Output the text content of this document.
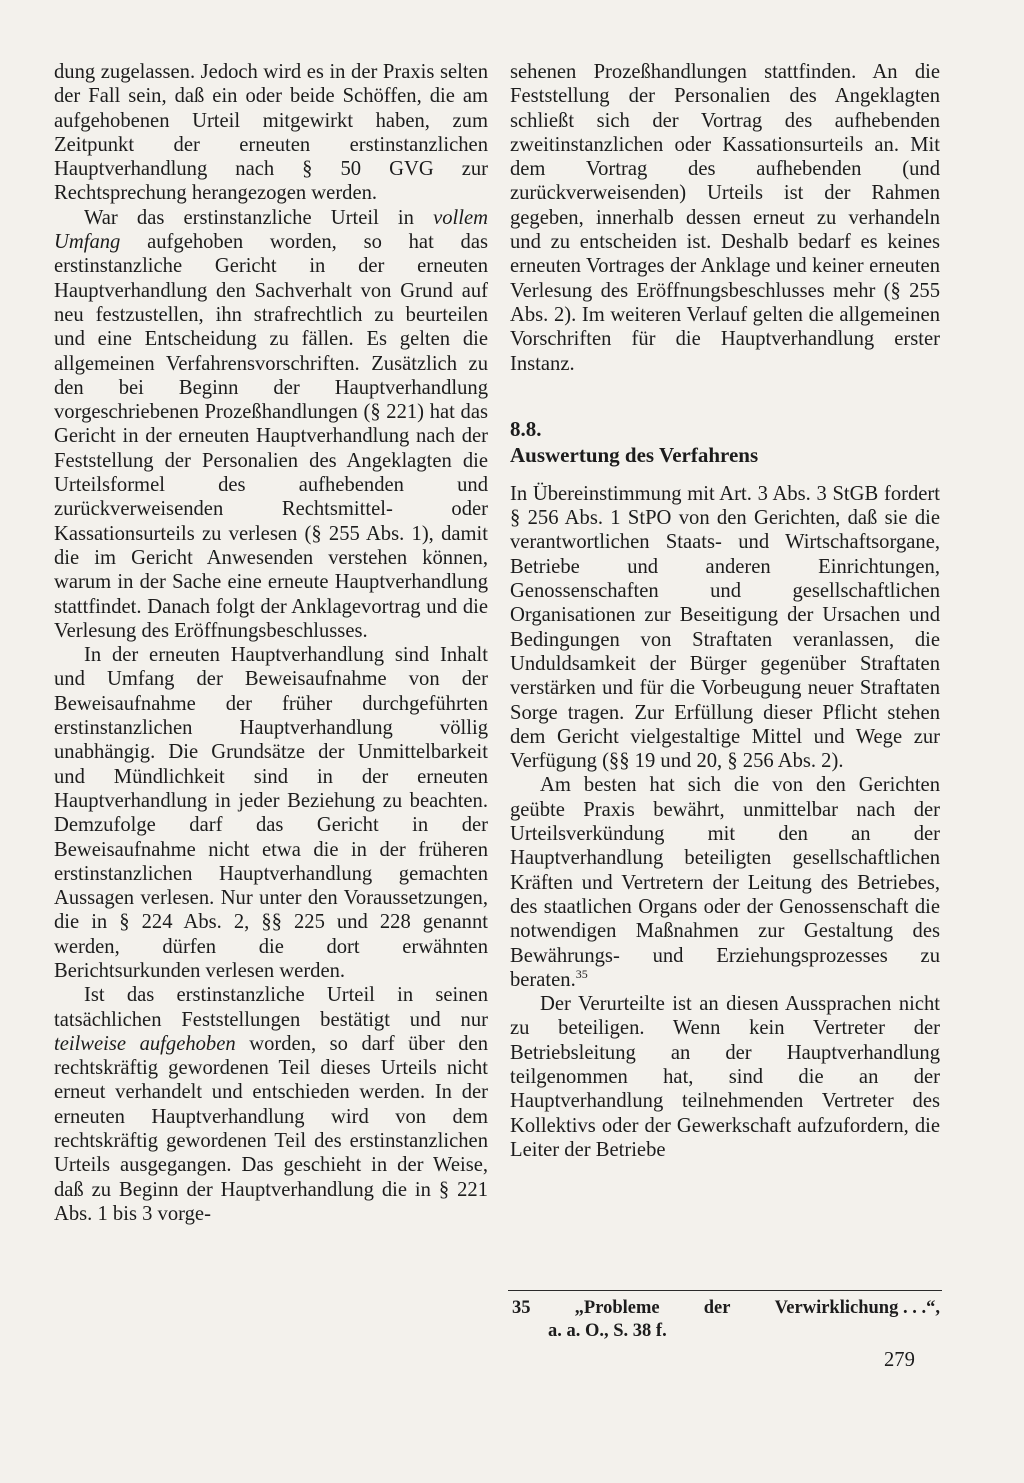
dung zugelassen. Jedoch wird es in der Praxis selten der Fall sein, daß ein oder beide Schöffen, die am aufgehobenen Urteil mitgewirkt haben, zum Zeitpunkt der erneuten erstinstanzlichen Hauptverhandlung nach § 50 GVG zur Rechtsprechung herangezogen werden.

War das erstinstanzliche Urteil in vollem Umfang aufgehoben worden, so hat das erstinstanzliche Gericht in der erneuten Hauptverhandlung den Sachverhalt von Grund auf neu festzustellen, ihn strafrechtlich zu beurteilen und eine Entscheidung zu fällen. Es gelten die allgemeinen Verfahrensvorschriften. Zusätzlich zu den bei Beginn der Hauptverhandlung vorgeschriebenen Prozeßhandlungen (§ 221) hat das Gericht in der erneuten Hauptverhandlung nach der Feststellung der Personalien des Angeklagten die Urteilsformel des aufhebenden und zurückverweisenden Rechtsmittel- oder Kassationsurteils zu verlesen (§ 255 Abs. 1), damit die im Gericht Anwesenden verstehen können, warum in der Sache eine erneute Hauptverhandlung stattfindet. Danach folgt der Anklagevortrag und die Verlesung des Eröffnungsbeschlusses.

In der erneuten Hauptverhandlung sind Inhalt und Umfang der Beweisaufnahme von der Beweisaufnahme der früher durchgeführten erstinstanzlichen Hauptverhandlung völlig unabhängig. Die Grundsätze der Unmittelbarkeit und Mündlichkeit sind in der erneuten Hauptverhandlung in jeder Beziehung zu beachten. Demzufolge darf das Gericht in der Beweisaufnahme nicht etwa die in der früheren erstinstanzlichen Hauptverhandlung gemachten Aussagen verlesen. Nur unter den Voraussetzungen, die in § 224 Abs. 2, §§ 225 und 228 genannt werden, dürfen die dort erwähnten Berichtsurkunden verlesen werden.

Ist das erstinstanzliche Urteil in seinen tatsächlichen Feststellungen bestätigt und nur teilweise aufgehoben worden, so darf über den rechtskräftig gewordenen Teil dieses Urteils nicht erneut verhandelt und entschieden werden. In der erneuten Hauptverhandlung wird von dem rechtskräftig gewordenen Teil des erstinstanzlichen Urteils ausgegangen. Das geschieht in der Weise, daß zu Beginn der Hauptverhandlung die in § 221 Abs. 1 bis 3 vorge-

sehenen Prozeßhandlungen stattfinden. An die Feststellung der Personalien des Angeklagten schließt sich der Vortrag des aufhebenden zweitinstanzlichen oder Kassationsurteils an. Mit dem Vortrag des aufhebenden (und zurückverweisenden) Urteils ist der Rahmen gegeben, innerhalb dessen erneut zu verhandeln und zu entscheiden ist. Deshalb bedarf es keines erneuten Vortrages der Anklage und keiner erneuten Verlesung des Eröffnungsbeschlusses mehr (§ 255 Abs. 2). Im weiteren Verlauf gelten die allgemeinen Vorschriften für die Hauptverhandlung erster Instanz.

8.8.
Auswertung des Verfahrens

In Übereinstimmung mit Art. 3 Abs. 3 StGB fordert § 256 Abs. 1 StPO von den Gerichten, daß sie die verantwortlichen Staats- und Wirtschaftsorgane, Betriebe und anderen Einrichtungen, Genossenschaften und gesellschaftlichen Organisationen zur Beseitigung der Ursachen und Bedingungen von Straftaten veranlassen, die Unduldsamkeit der Bürger gegenüber Straftaten verstärken und für die Vorbeugung neuer Straftaten Sorge tragen. Zur Erfüllung dieser Pflicht stehen dem Gericht vielgestaltige Mittel und Wege zur Verfügung (§§ 19 und 20, § 256 Abs. 2).

Am besten hat sich die von den Gerichten geübte Praxis bewährt, unmittelbar nach der Urteilsverkündung mit den an der Hauptverhandlung beteiligten gesellschaftlichen Kräften und Vertretern der Leitung des Betriebes, des staatlichen Organs oder der Genossenschaft die notwendigen Maßnahmen zur Gestaltung des Bewährungs- und Erziehungsprozesses zu beraten.$^{35}$

Der Verurteilte ist an diesen Aussprachen nicht zu beteiligen. Wenn kein Vertreter der Betriebsleitung an der Hauptverhandlung teilgenommen hat, sind die an der Hauptverhandlung teilnehmenden Vertreter des Kollektivs oder der Gewerkschaft aufzufordern, die Leiter der Betriebe

35 „Probleme der Verwirklichung . . .“,
a. a. O., S. 38 f.
279
